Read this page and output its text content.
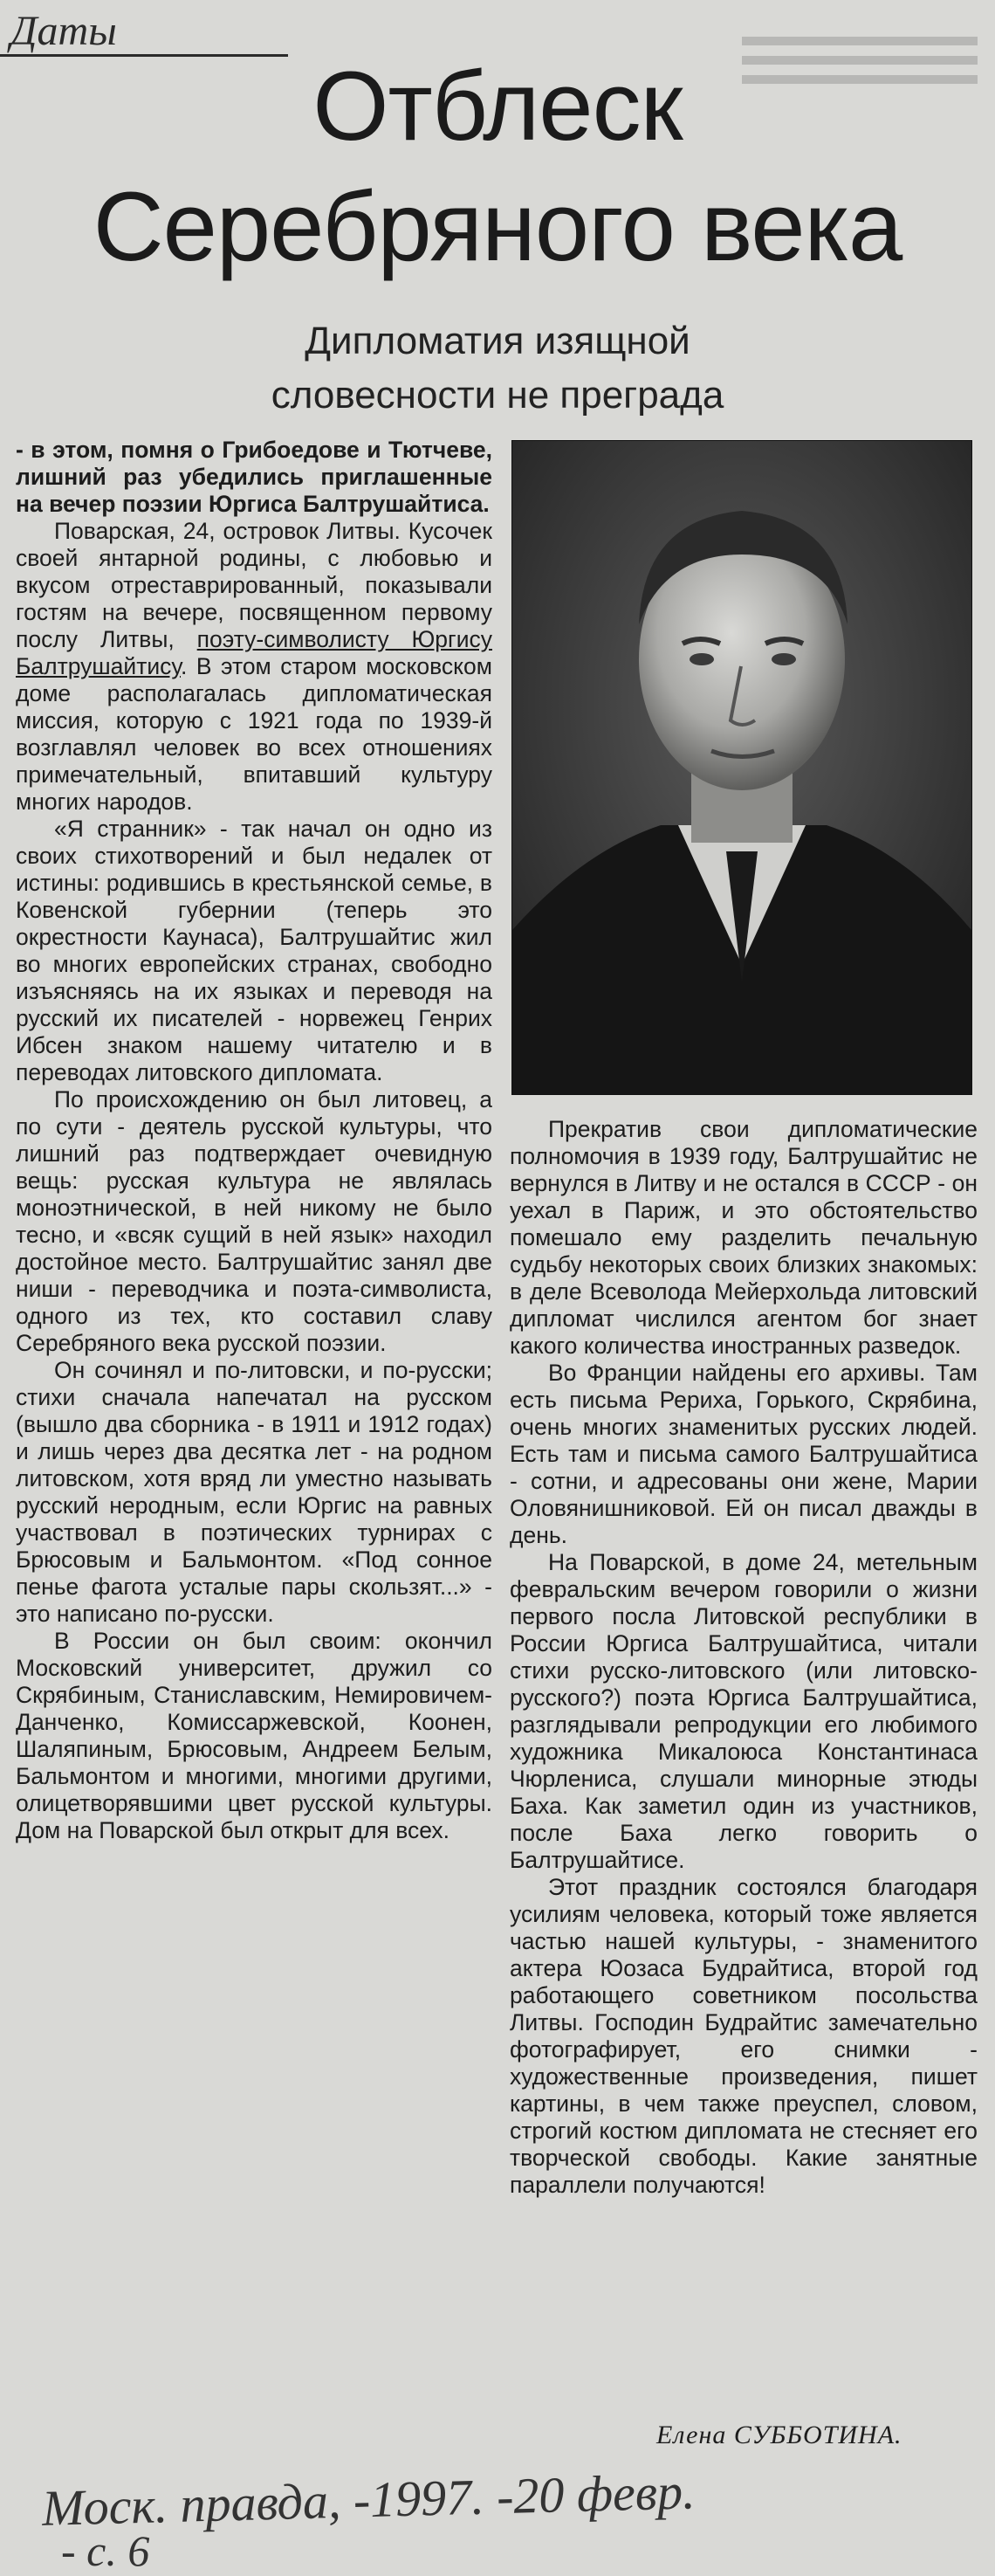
Даты
Отблеск
Серебряного века
Дипломатия изящной
словесности не преграда

- в этом, помня о Грибоедове и Тютчеве, лишний раз убедились приглашенные на вечер поэзии Юргиса Балтрушайтиса.

Поварская, 24, островок Литвы. Кусочек своей янтарной родины, с любовью и вкусом отреставрированный, показывали гостям на вечере, посвященном первому послу Литвы, поэту-символисту Юргису Балтрушайтису. В этом старом московском доме располагалась дипломатическая миссия, которую с 1921 года по 1939-й возглавлял человек во всех отношениях примечательный, впитавший культуру многих народов.

«Я странник» - так начал он одно из своих стихотворений и был недалек от истины: родившись в крестьянской семье, в Ковенской губернии (теперь это окрестности Каунаса), Балтрушайтис жил во многих европейских странах, свободно изъясняясь на их языках и переводя на русский их писателей - норвежец Генрих Ибсен знаком нашему читателю и в переводах литовского дипломата.

По происхождению он был литовец, а по сути - деятель русской культуры, что лишний раз подтверждает очевидную вещь: русская культура не являлась моноэтнической, в ней никому не было тесно, и «всяк сущий в ней язык» находил достойное место. Балтрушайтис занял две ниши - переводчика и поэта-символиста, одного из тех, кто составил славу Серебряного века русской поэзии.

Он сочинял и по-литовски, и по-русски; стихи сначала напечатал на русском (вышло два сборника - в 1911 и 1912 годах) и лишь через два десятка лет - на родном литовском, хотя вряд ли уместно называть русский неродным, если Юргис на равных участвовал в поэтических турнирах с Брюсовым и Бальмонтом. «Под сонное пенье фагота усталые пары скользят...» - это написано по-русски.

В России он был своим: окончил Московский университет, дружил со Скрябиным, Станиславским, Немировичем-Данченко, Комиссаржевской, Коонен, Шаляпиным, Брюсовым, Андреем Белым, Бальмонтом и многими, многими другими, олицетворявшими цвет русской культуры. Дом на Поварской был открыт для всех.

Прекратив свои дипломатические полномочия в 1939 году, Балтрушайтис не вернулся в Литву и не остался в СССР - он уехал в Париж, и это обстоятельство помешало ему разделить печальную судьбу некоторых своих близких знакомых: в деле Всеволода Мейерхольда литовский дипломат числился агентом бог знает какого количества иностранных разведок.

Во Франции найдены его архивы. Там есть письма Рериха, Горького, Скрябина, очень многих знаменитых русских людей. Есть там и письма самого Балтрушайтиса - сотни, и адресованы они жене, Марии Оловянишниковой. Ей он писал дважды в день.

На Поварской, в доме 24, метельным февральским вечером говорили о жизни первого посла Литовской республики в России Юргиса Балтрушайтиса, читали стихи русско-литовского (или литовско-русского?) поэта Юргиса Балтрушайтиса, разглядывали репродукции его любимого художника Микалоюса Константинаса Чюрлениса, слушали минорные этюды Баха. Как заметил один из участников, после Баха легко говорить о Балтрушайтисе.

Этот праздник состоялся благодаря усилиям человека, который тоже является частью нашей культуры, - знаменитого актера Юозаса Будрайтиса, второй год работающего советником посольства Литвы. Господин Будрайтис замечательно фотографирует, его снимки - художественные произведения, пишет картины, в чем также преуспел, словом, строгий костюм дипломата не стесняет его творческой свободы. Какие занятные параллели получаются!

Елена СУББОТИНА.
Моск. правда, -1997. -20 февр.
- с. 6
